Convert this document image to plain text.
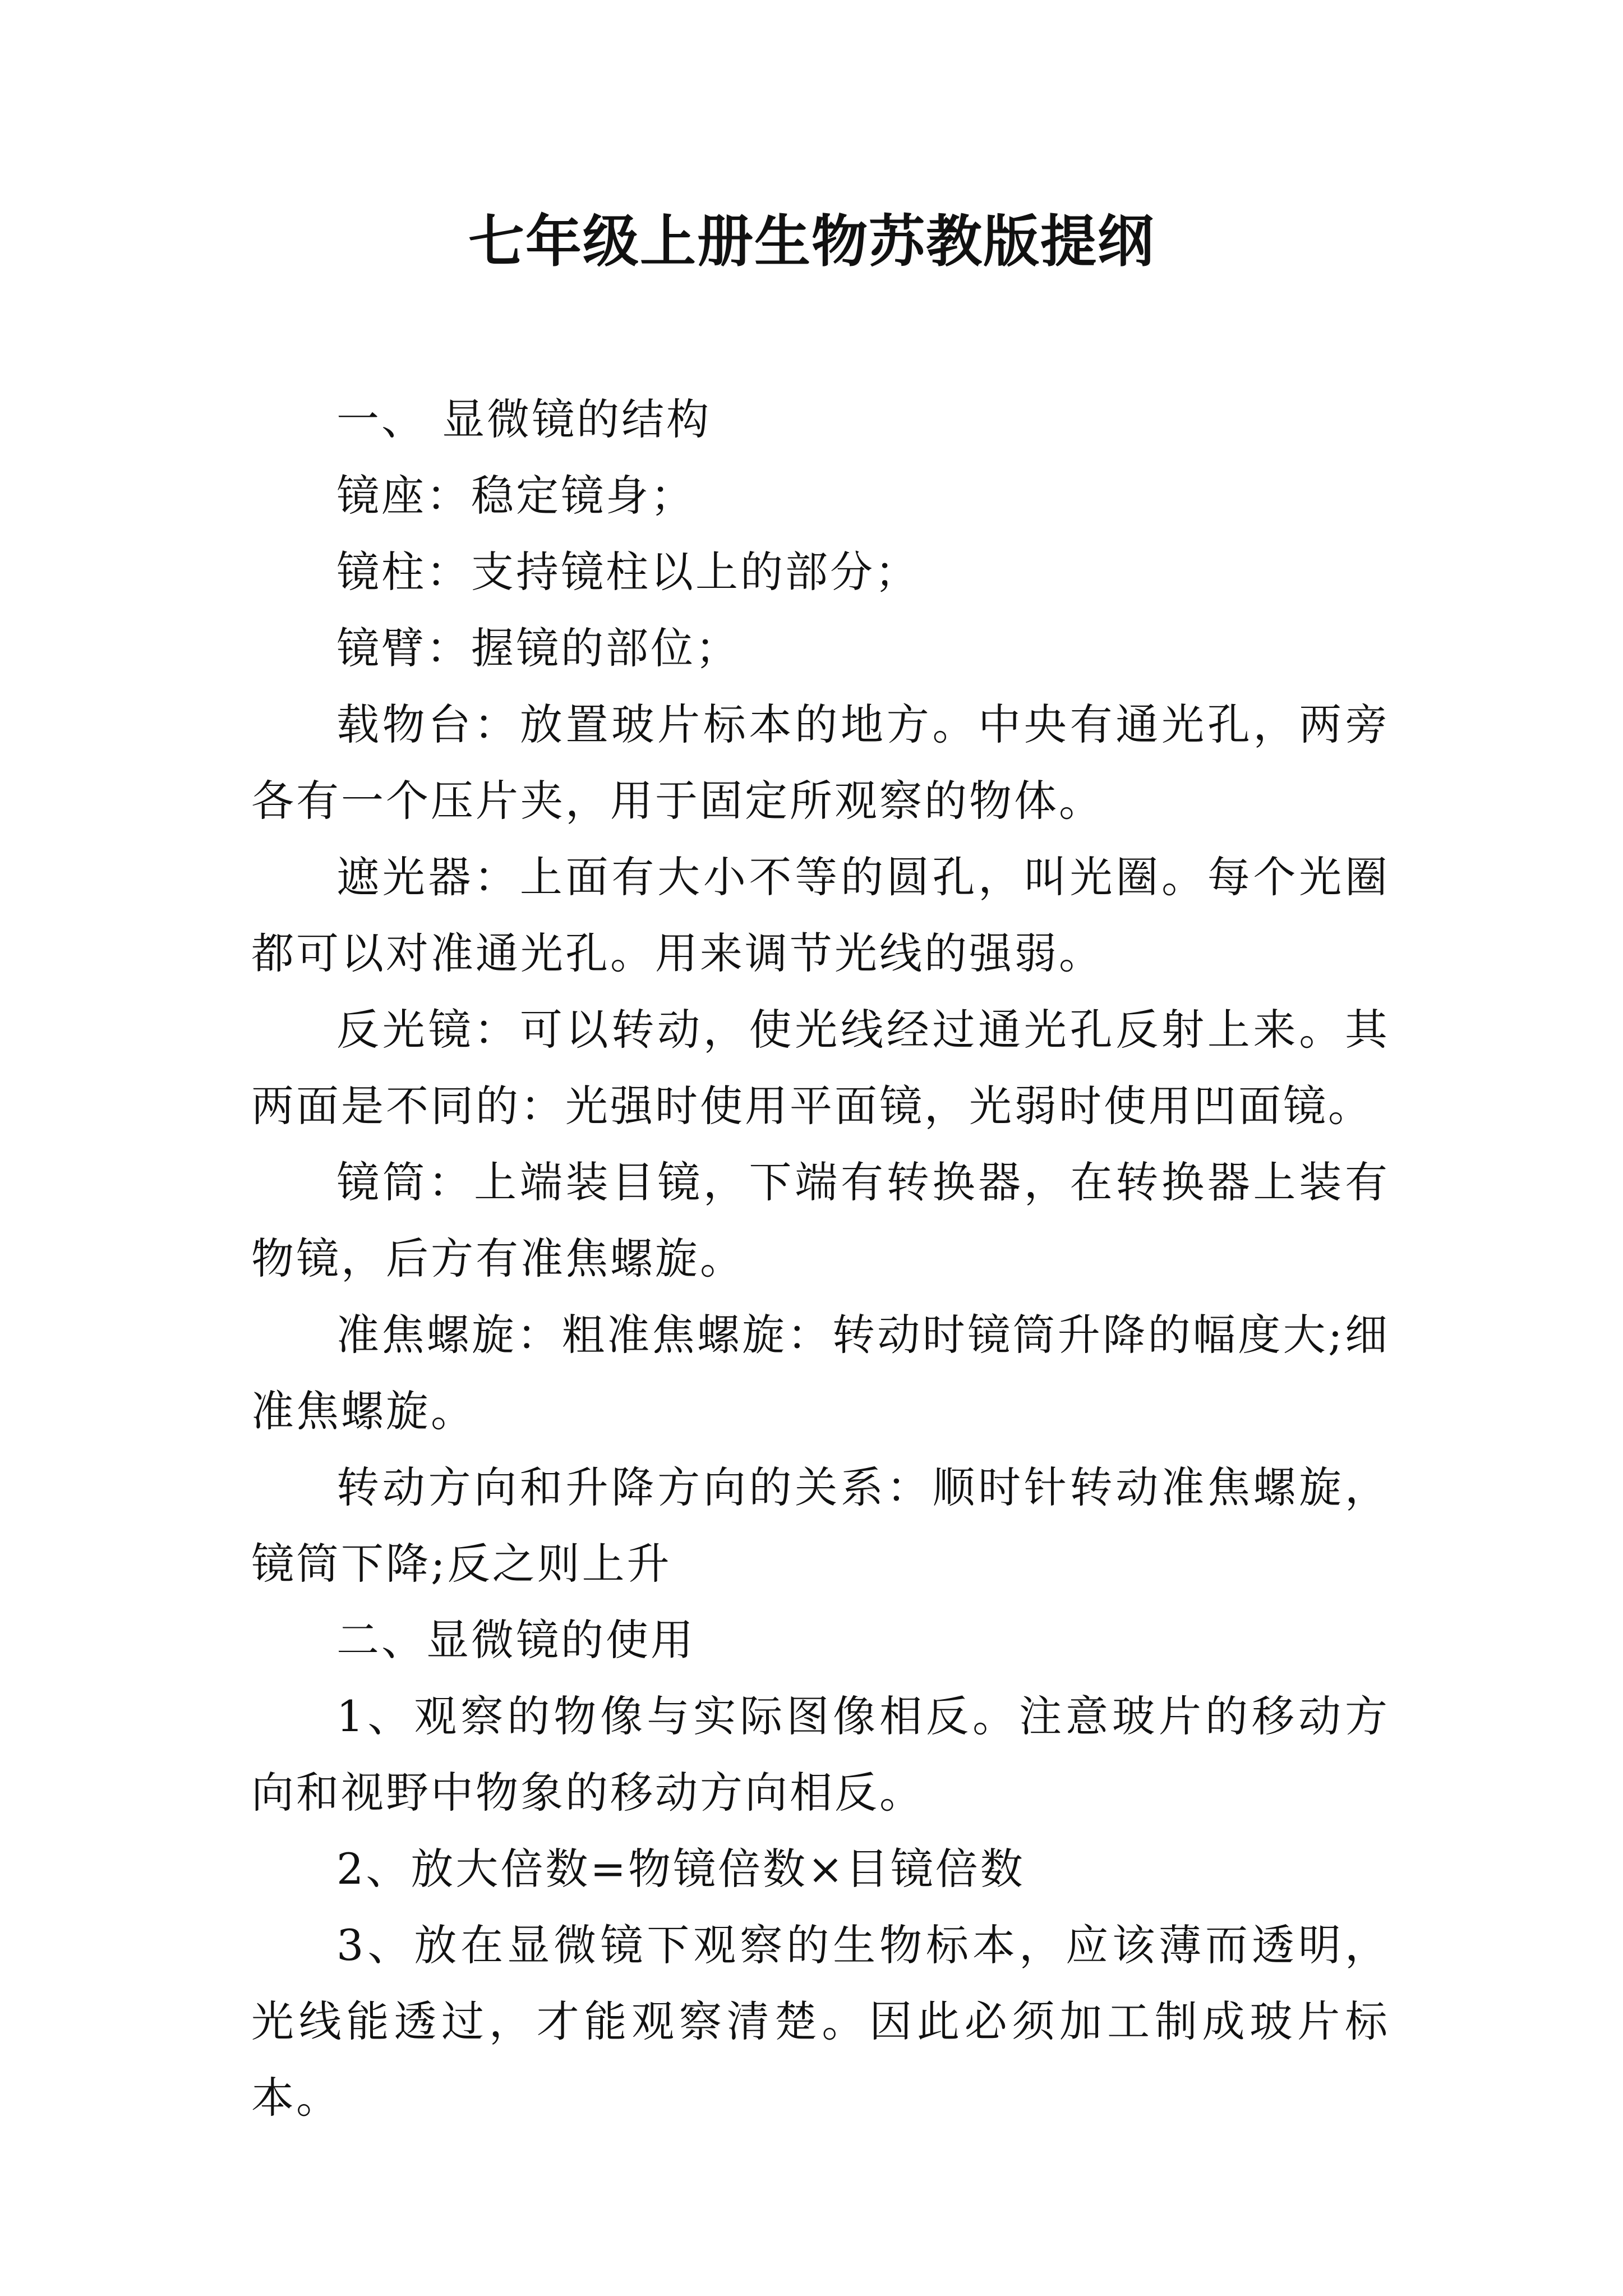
七年级上册生物苏教版提纲

一、 显微镜的结构

镜座：稳定镜身；

镜柱：支持镜柱以上的部分；

镜臂：握镜的部位；

载物台：放置玻片标本的地方。中央有通光孔，两旁各有一个压片夹，用于固定所观察的物体。

遮光器：上面有大小不等的圆孔，叫光圈。每个光圈都可以对准通光孔。用来调节光线的强弱。

反光镜：可以转动，使光线经过通光孔反射上来。其两面是不同的：光强时使用平面镜，光弱时使用凹面镜。

镜筒：上端装目镜，下端有转换器，在转换器上装有物镜，后方有准焦螺旋。

准焦螺旋：粗准焦螺旋：转动时镜筒升降的幅度大;细准焦螺旋。

转动方向和升降方向的关系：顺时针转动准焦螺旋，镜筒下降;反之则上升

二、显微镜的使用

1、观察的物像与实际图像相反。注意玻片的移动方向和视野中物象的移动方向相反。

2、放大倍数=物镜倍数×目镜倍数

3、放在显微镜下观察的生物标本，应该薄而透明，光线能透过，才能观察清楚。因此必须加工制成玻片标本。
